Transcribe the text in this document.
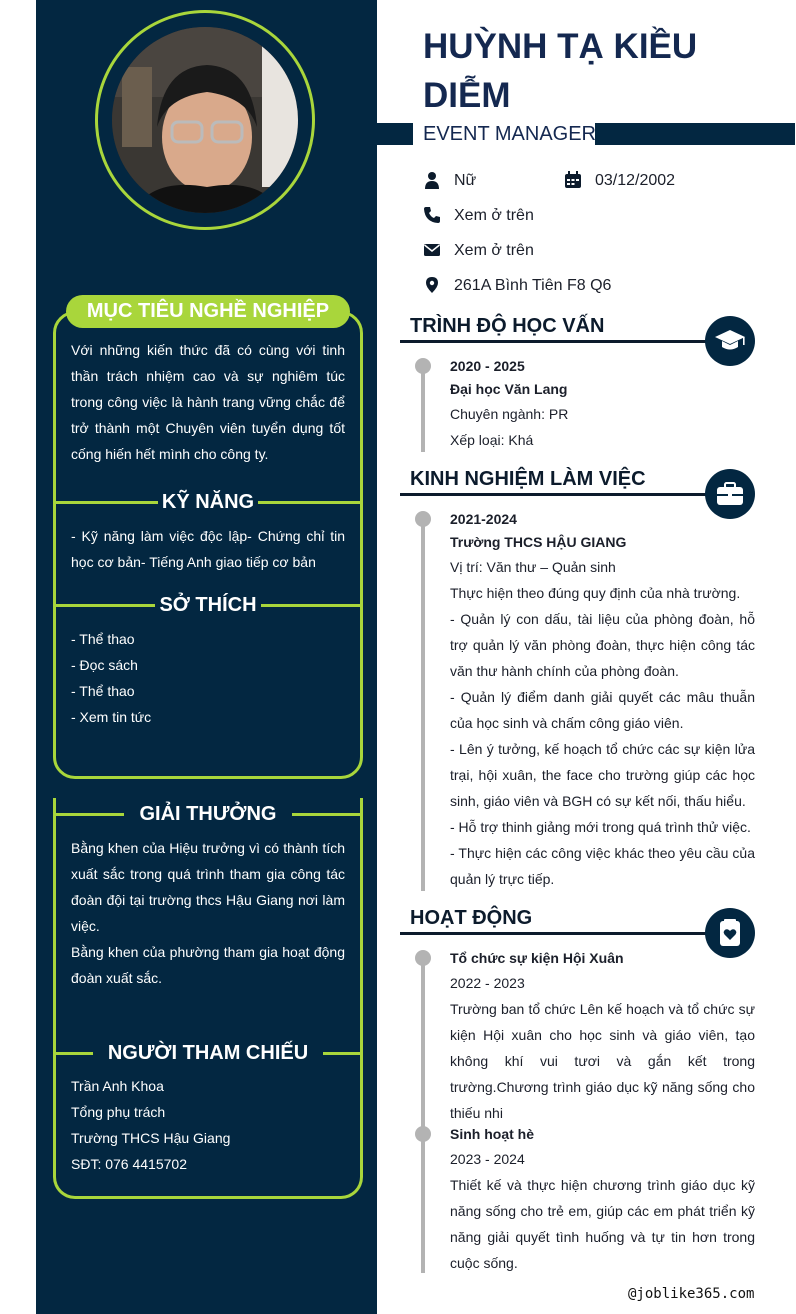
MỤC TIÊU NGHỀ NGHIỆP
Với những kiến thức đã có cùng với tinh thần trách nhiệm cao và sự nghiêm túc trong công việc là hành trang vững chắc để trở thành một Chuyên viên tuyển dụng tốt cống hiến hết mình cho công ty.
KỸ NĂNG
- Kỹ năng làm việc độc lập- Chứng chỉ tin học cơ bản- Tiếng Anh giao tiếp cơ bản
SỞ THÍCH
- Thể thao
- Đọc sách
- Thể thao
- Xem tin tức
GIẢI THƯỞNG
Bằng khen của Hiệu trưởng vì có thành tích xuất sắc trong quá trình tham gia công tác đoàn đội tại trường thcs Hậu Giang nơi làm việc.
Bằng khen của phường tham gia hoạt động đoàn xuất sắc.
NGƯỜI THAM CHIẾU
Trần Anh Khoa
Tổng phụ trách
Trường THCS Hậu Giang
SĐT: 076 4415702
HUỲNH TẠ KIỀU DIỄM
EVENT MANAGER
Nữ	03/12/2002
Xem ở trên
Xem ở trên
261A Bình Tiên F8 Q6
TRÌNH ĐỘ HỌC VẤN
2020 - 2025
Đại học Văn Lang
Chuyên ngành: PR
Xếp loại: Khá
KINH NGHIỆM LÀM VIỆC
2021-2024
Trường THCS HẬU GIANG
Vị trí: Văn thư – Quản sinh
Thực hiện theo đúng quy định của nhà trường.
- Quản lý con dấu, tài liệu của phòng đoàn, hỗ trợ quản lý văn phòng đoàn, thực hiện công tác văn thư hành chính của phòng đoàn.
- Quản lý điểm danh giải quyết các mâu thuẫn của học sinh và chấm công giáo viên.
- Lên ý tưởng, kế hoạch tổ chức các sự kiện lửa trại, hội xuân, the face cho trường giúp các học sinh, giáo viên và BGH có sự kết nối, thấu hiểu.
- Hỗ trợ thinh giảng mới trong quá trình thử việc.
- Thực hiện các công việc khác theo yêu cầu của quản lý trực tiếp.
HOẠT ĐỘNG
Tổ chức sự kiện Hội Xuân
2022 - 2023
Trường ban tổ chức Lên kế hoạch và tổ chức sự kiện Hội xuân cho học sinh và giáo viên, tạo không khí vui tươi và gắn kết trong trường.Chương trình giáo dục kỹ năng sống cho thiếu nhi
Sinh hoạt hè
2023 - 2024
Thiết kế và thực hiện chương trình giáo dục kỹ năng sống cho trẻ em, giúp các em phát triển kỹ năng giải quyết tình huống và tự tin hơn trong cuộc sống.
@joblike365.com
